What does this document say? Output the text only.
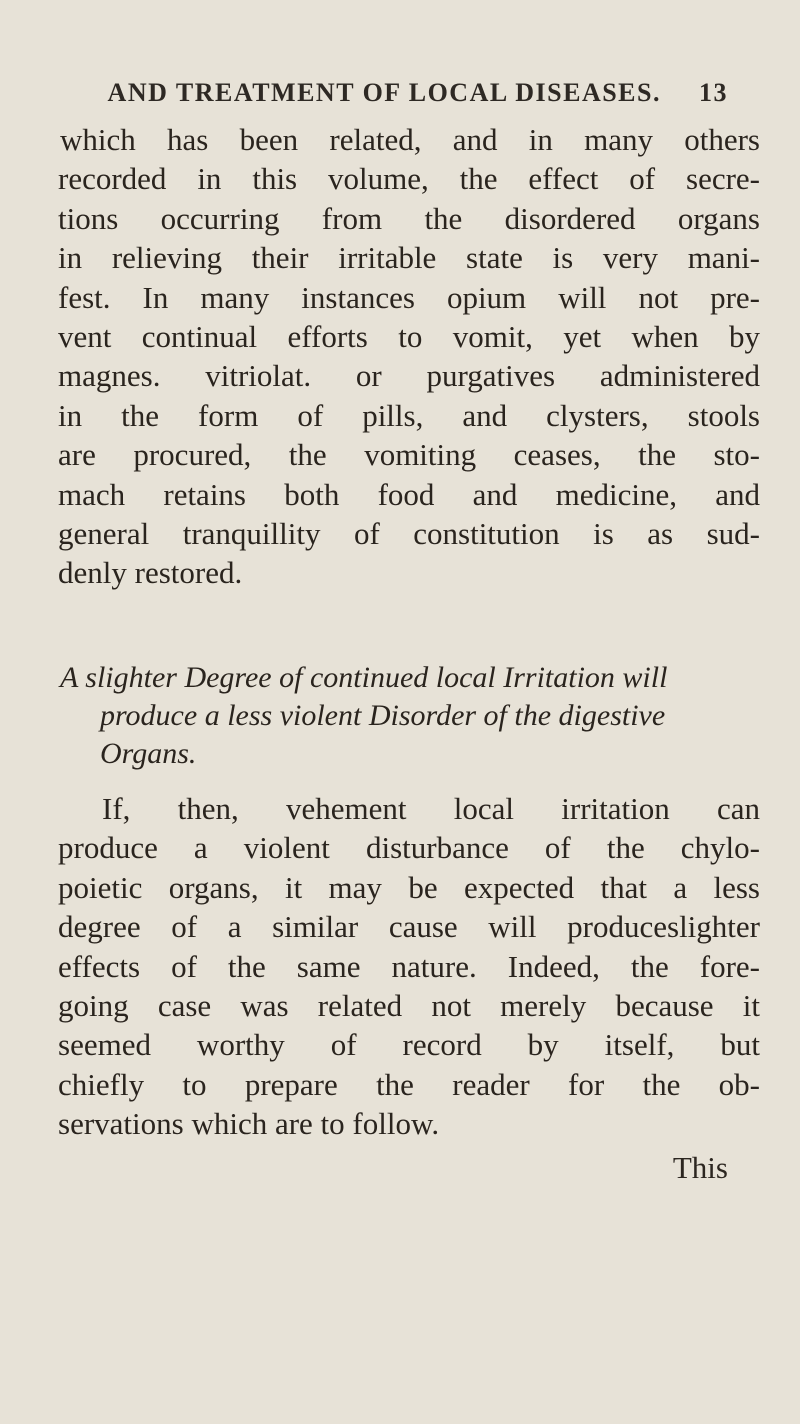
AND TREATMENT OF LOCAL DISEASES. 13
which has been related, and in many others
recorded in this volume, the effect of secre-
tions occurring from the disordered organs
in relieving their irritable state is very mani-
fest. In many instances opium will not pre-
vent continual efforts to vomit, yet when by
magnes. vitriolat. or purgatives administered
in the form of pills, and clysters, stools
are procured, the vomiting ceases, the sto-
mach retains both food and medicine, and
general tranquillity of constitution is as sud-
denly restored.
A slighter Degree of continued local Irritation will
produce a less violent Disorder of the digestive
Organs.
If, then, vehement local irritation can
produce a violent disturbance of the chylo-
poietic organs, it may be expected that a less
degree of a similar cause will produceslighter
effects of the same nature. Indeed, the fore-
going case was related not merely because it
seemed worthy of record by itself, but
chiefly to prepare the reader for the ob-
servations which are to follow.
This
